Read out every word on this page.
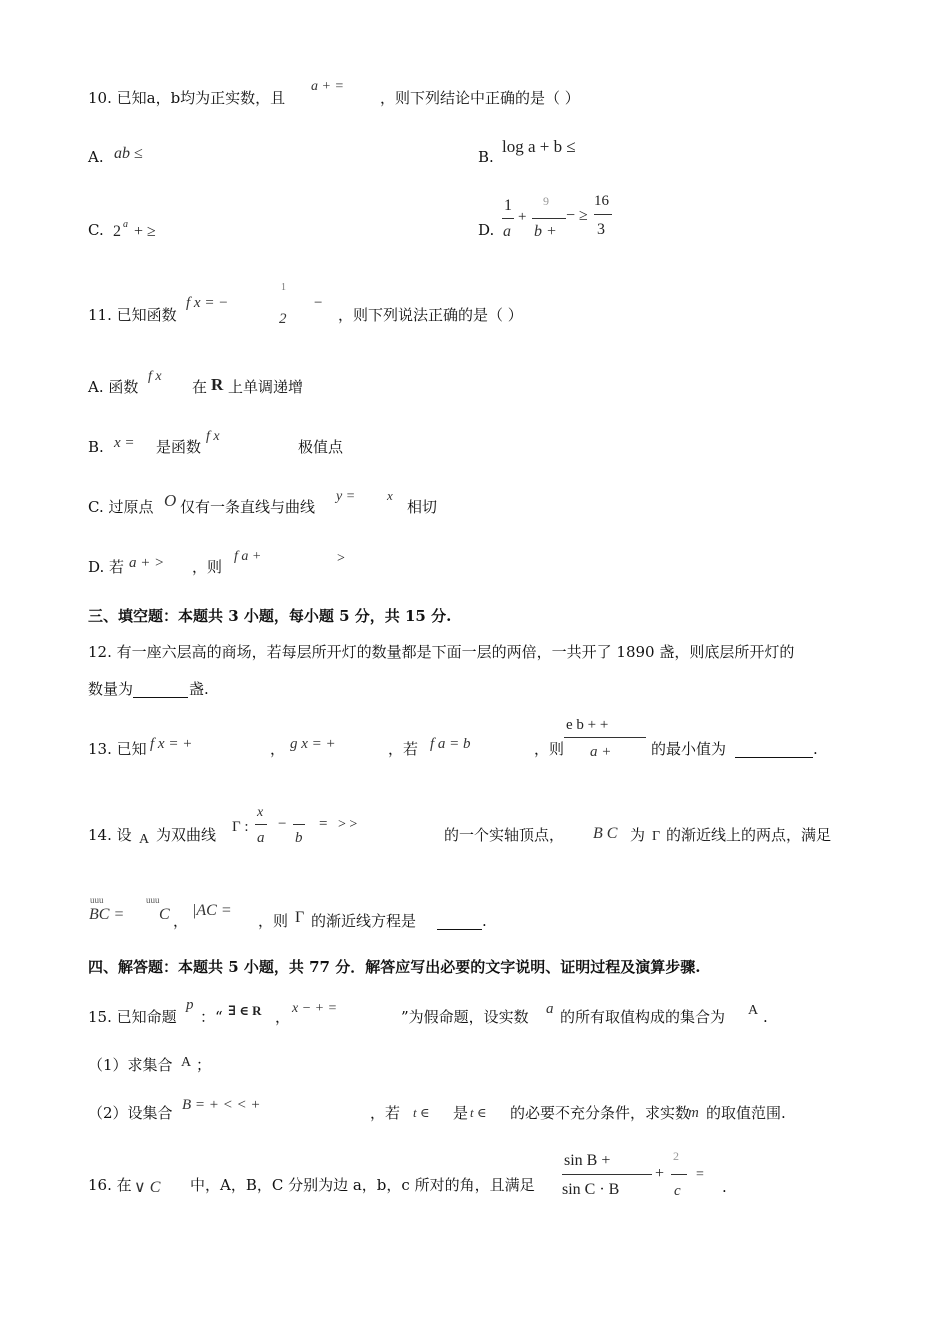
10. 已知a，b均为正实数，且
a + =
，则下列结论中正确的是（ ）
A. ab ≤	B.
log a + b ≤
C. 2 a + ≥	D.
1
a
+
9
b +
− ≥
16
3
11. 已知函数
f x = −
1
2
−
，则下列说法正确的是（ ）
A. 函数
f x
在 R 上单调递增
B. x = 是函数
f x
极值点
C. 过原点 O 仅有一条直线与曲线
y = x
相切
D. 若 a + > ，则
f a +	>
三、填空题：本题共 3 小题，每小题 5 分，共 15 分.
12. 有一座六层高的商场，若每层所开灯的数量都是下面一层的两倍，一共开了 1890 盏，则底层所开灯的
数量为	盏.
13. 已知 f x = +	， g x = +	，若 f a = b	，则
e b + +
a +	的最小值为	.
14. 设 A 为双曲线 Γ :
x
a
−
b
= > >
的一个实轴顶点， B C 为 Γ 的渐近线上的两点，满足
uuu
BC =
uuu
C ，
|AC =
，则 Γ 的渐近线方程是	.
四、解答题：本题共 5 小题，共 77 分．解答应写出必要的文字说明、证明过程及演算步骤.
15. 已知命题
p
：“ ∃ ∈ R ， x − + =	”为假命题，设实数 a 的所有取值构成的集合为 A .
（1）求集合 A ；
（2）设集合 B = + < < +	，若 t ∈ 是 t ∈ 的必要不充分条件，求实数
m 的取值范围.
16. 在 ∨ C 中，A，B，C 分别为边 a，b，c 所对的角，且满足
sin B +
sin C · B
+
2
c
=
.
